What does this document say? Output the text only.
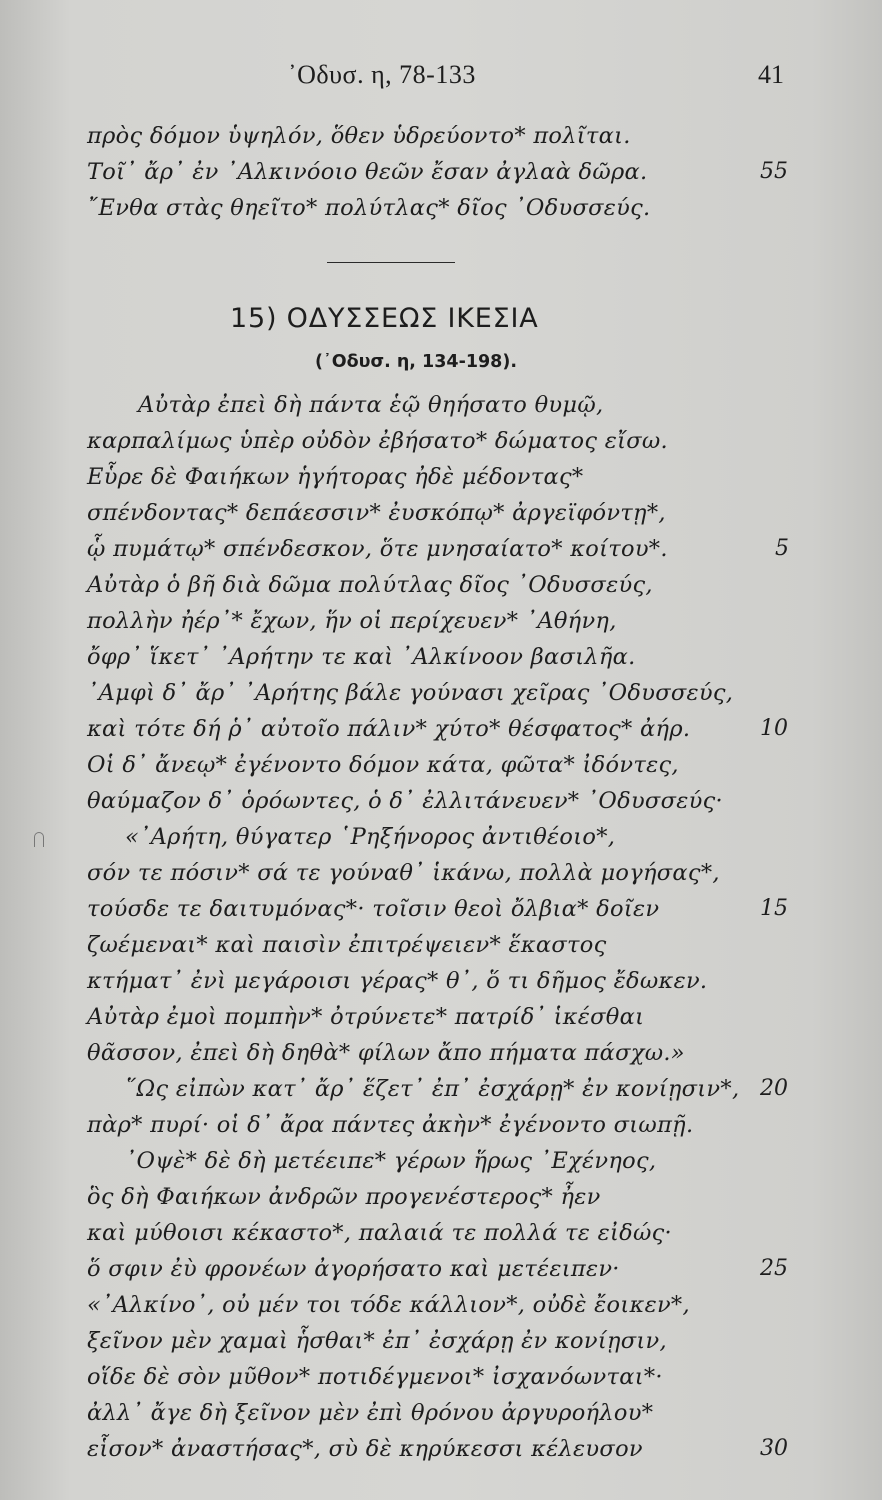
᾿Οδυσ. η, 78-133	41
πρὸς δόμον ὑψηλόν, ὅθεν ὑδρεύοντο* πολῖται.
Τοῖ᾿ ἄρ᾿ ἐν ᾿Αλκινόοιο θεῶν ἔσαν ἀγλαὰ δῶρα.	55
῎Ενθα στὰς θηεῖτο* πολύτλας* δῖος ᾿Οδυσσεύς.
15) ΟΔΥΣΣΕΩΣ ΙΚΕΣΙΑ
(᾿Οδυσ. η, 134-198).
Αὐτὰρ ἐπεὶ δὴ πάντα ἑῷ θηήσατο θυμῷ,
καρπαλίμως ὑπὲρ οὐδὸν ἐβήσατο* δώματος εἴσω.
Εὗρε δὲ Φαιήκων ἡγήτορας ἠδὲ μέδοντας*
σπένδοντας* δεπάεσσιν* ἐυσκόπῳ* ἀργεϊφόντῃ*,
ᾧ πυμάτῳ* σπένδεσκον, ὅτε μνησαίατο* κοίτου*.	5
Αὐτὰρ ὁ βῆ διὰ δῶμα πολύτλας δῖος ᾿Οδυσσεύς,
πολλὴν ἠέρ᾿* ἔχων, ἥν οἱ περίχευεν* ᾿Αθήνη,
ὄφρ᾿ ἵκετ᾿ ᾿Αρήτην τε καὶ ᾿Αλκίνοον βασιλῆα.
᾿Αμφὶ δ᾿ ἄρ᾿ ᾿Αρήτης βάλε γούνασι χεῖρας ᾿Οδυσσεύς,
καὶ τότε δή ῥ᾿ αὐτοῖο πάλιν* χύτο* θέσφατος* ἀήρ.	10
Οἱ δ᾿ ἄνεῳ* ἐγένοντο δόμον κάτα, φῶτα* ἰδόντες,
θαύμαζον δ᾿ ὁρόωντες, ὁ δ᾿ ἐλλιτάνευεν* ᾿Οδυσσεύς·
«᾿Αρήτη, θύγατερ ῾Ρηξήνορος ἀντιθέοιο*,
σόν τε πόσιν* σά τε γούναθ᾿ ἱκάνω, πολλὰ μογήσας*,
τούσδε τε δαιτυμόνας*· τοῖσιν θεοὶ ὄλβια* δοῖεν	15
ζωέμεναι* καὶ παισὶν ἐπιτρέψειεν* ἕκαστος
κτήματ᾿ ἐνὶ μεγάροισι γέρας* θ᾿, ὅ τι δῆμος ἔδωκεν.
Αὐτὰρ ἐμοὶ πομπὴν* ὀτρύνετε* πατρίδ᾿ ἱκέσθαι
θᾶσσον, ἐπεὶ δὴ δηθὰ* φίλων ἄπο πήματα πάσχω.»
῞Ως εἰπὼν κατ᾿ ἄρ᾿ ἕζετ᾿ ἐπ᾿ ἐσχάρῃ* ἐν κονίῃσιν*, 20
πὰρ* πυρί· οἱ δ᾿ ἄρα πάντες ἀκὴν* ἐγένοντο σιωπῇ.
᾿Οψὲ* δὲ δὴ μετέειπε* γέρων ἥρως ᾿Εχένηος,
ὃς δὴ Φαιήκων ἀνδρῶν προγενέστερος* ἦεν
καὶ μύθοισι κέκαστο*, παλαιά τε πολλά τε εἰδώς·
ὅ σφιν ἐὺ φρονέων ἀγορήσατο καὶ μετέειπεν·	25
«᾿Αλκίνο᾿, οὐ μέν τοι τόδε κάλλιον*, οὐδὲ ἔοικεν*,
ξεῖνον μὲν χαμαὶ ἧσθαι* ἐπ᾿ ἐσχάρῃ ἐν κονίῃσιν,
οἵδε δὲ σὸν μῦθον* ποτιδέγμενοι* ἰσχανόωνται*·
ἀλλ᾿ ἄγε δὴ ξεῖνον μὲν ἐπὶ θρόνου ἀργυροήλου*
εἷσον* ἀναστήσας*, σὺ δὲ κηρύκεσσι κέλευσον	30
